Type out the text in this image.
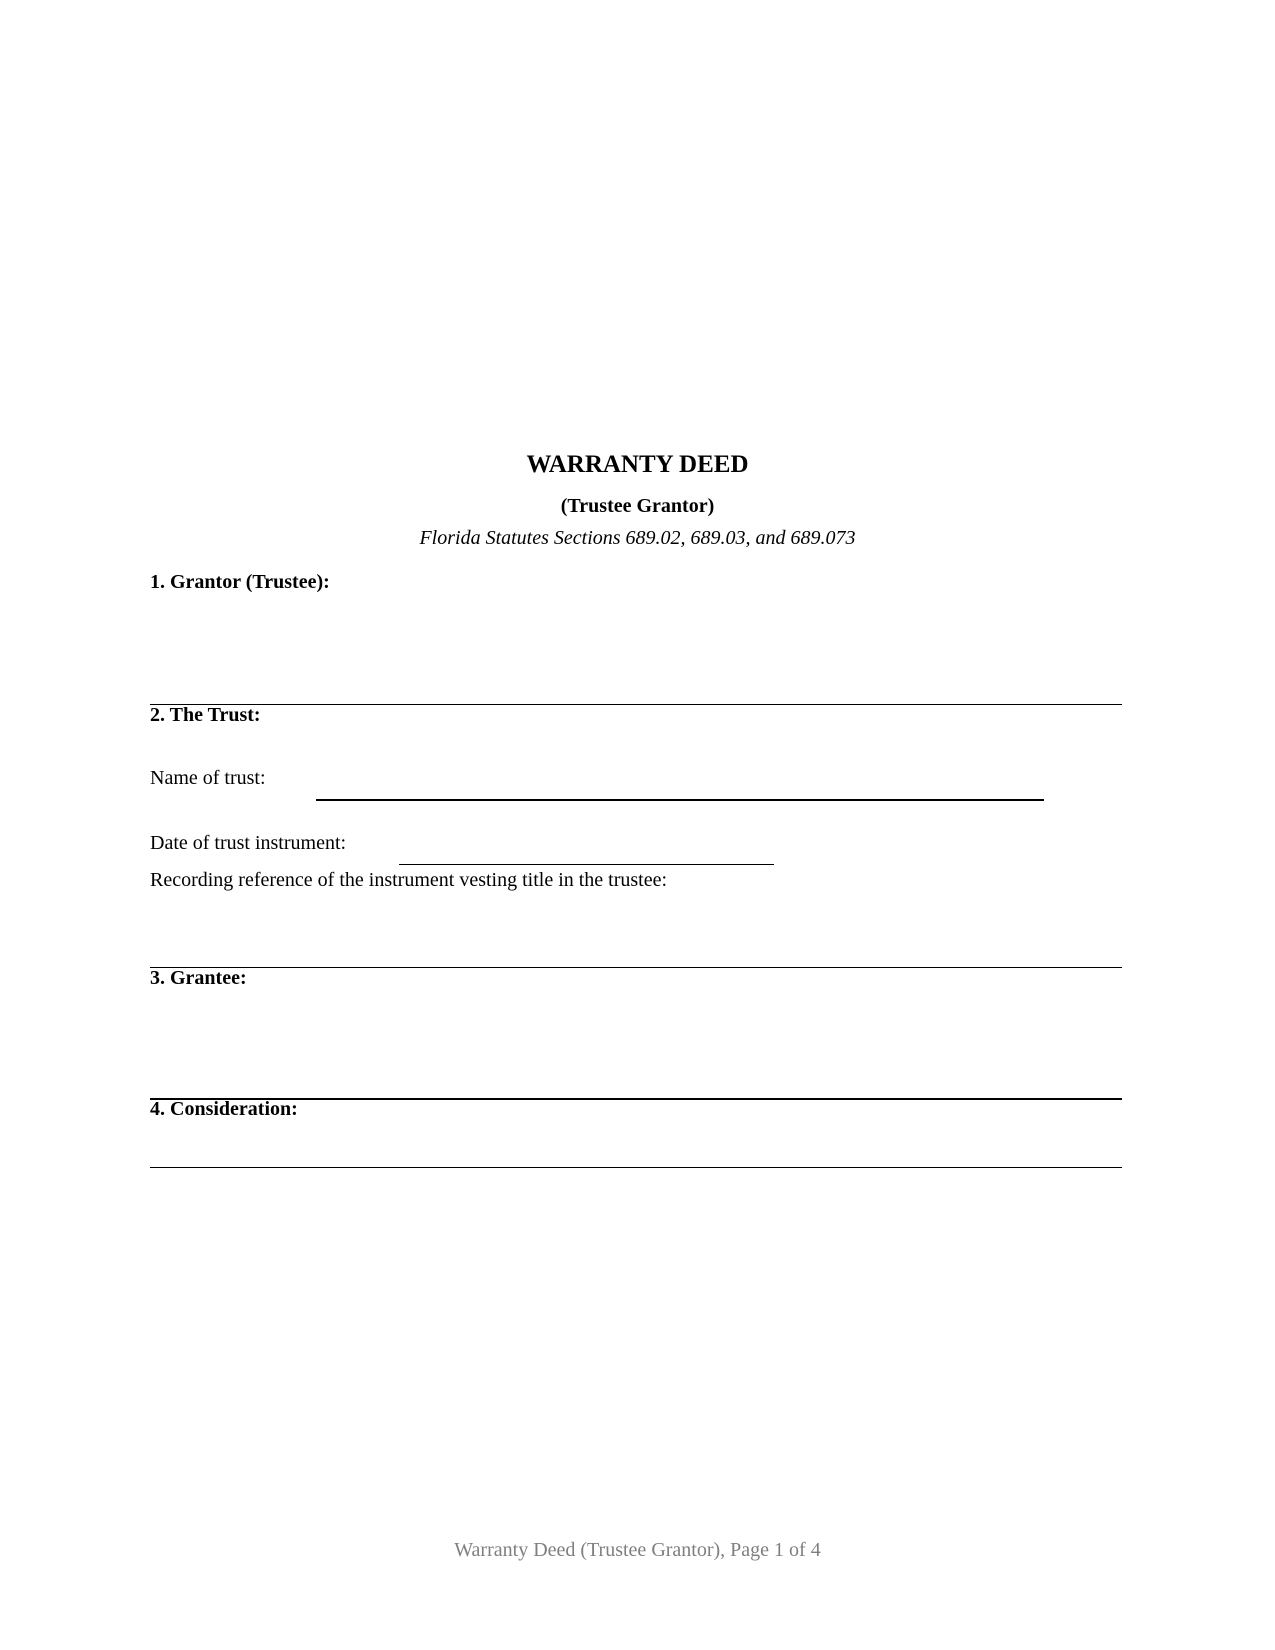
WARRANTY DEED
(Trustee Grantor)
Florida Statutes Sections 689.02, 689.03, and 689.073
1. Grantor (Trustee):
2. The Trust:
Name of trust:
Date of trust instrument:
Recording reference of the instrument vesting title in the trustee:
3. Grantee:
4. Consideration:
Warranty Deed (Trustee Grantor), Page 1 of 4
